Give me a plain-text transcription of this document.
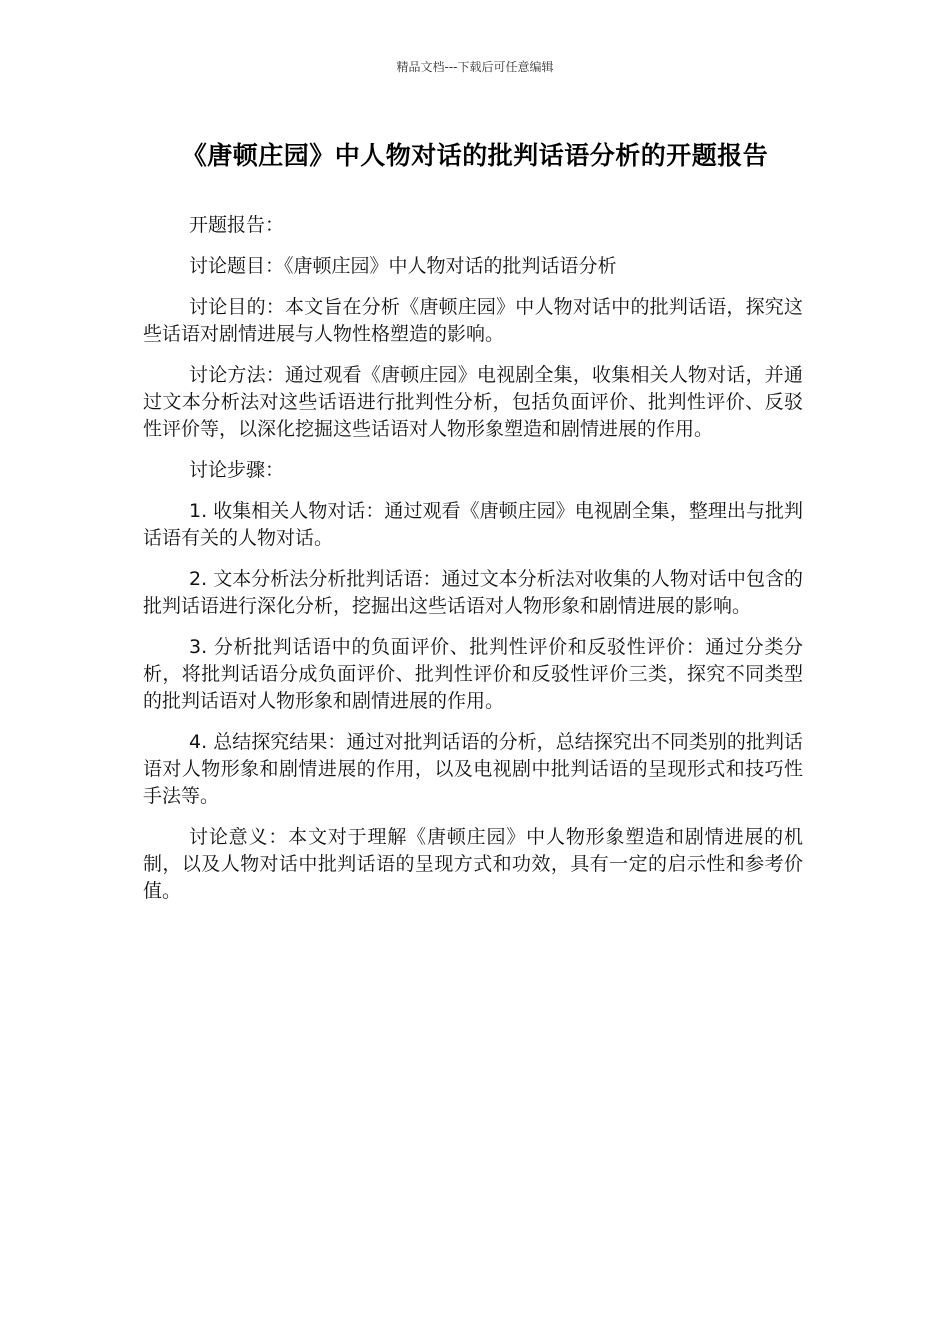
精品文档---下载后可任意编辑
《唐顿庄园》中人物对话的批判话语分析的开题报告

开题报告：

讨论题目：《唐顿庄园》中人物对话的批判话语分析

讨论目的：本文旨在分析《唐顿庄园》中人物对话中的批判话语，探究这些话语对剧情进展与人物性格塑造的影响。

讨论方法：通过观看《唐顿庄园》电视剧全集，收集相关人物对话，并通过文本分析法对这些话语进行批判性分析，包括负面评价、批判性评价、反驳性评价等，以深化挖掘这些话语对人物形象塑造和剧情进展的作用。

讨论步骤：

1. 收集相关人物对话：通过观看《唐顿庄园》电视剧全集，整理出与批判话语有关的人物对话。

2. 文本分析法分析批判话语：通过文本分析法对收集的人物对话中包含的批判话语进行深化分析，挖掘出这些话语对人物形象和剧情进展的影响。

3. 分析批判话语中的负面评价、批判性评价和反驳性评价：通过分类分析，将批判话语分成负面评价、批判性评价和反驳性评价三类，探究不同类型的批判话语对人物形象和剧情进展的作用。

4. 总结探究结果：通过对批判话语的分析，总结探究出不同类别的批判话语对人物形象和剧情进展的作用，以及电视剧中批判话语的呈现形式和技巧性手法等。

讨论意义：本文对于理解《唐顿庄园》中人物形象塑造和剧情进展的机制，以及人物对话中批判话语的呈现方式和功效，具有一定的启示性和参考价值。
